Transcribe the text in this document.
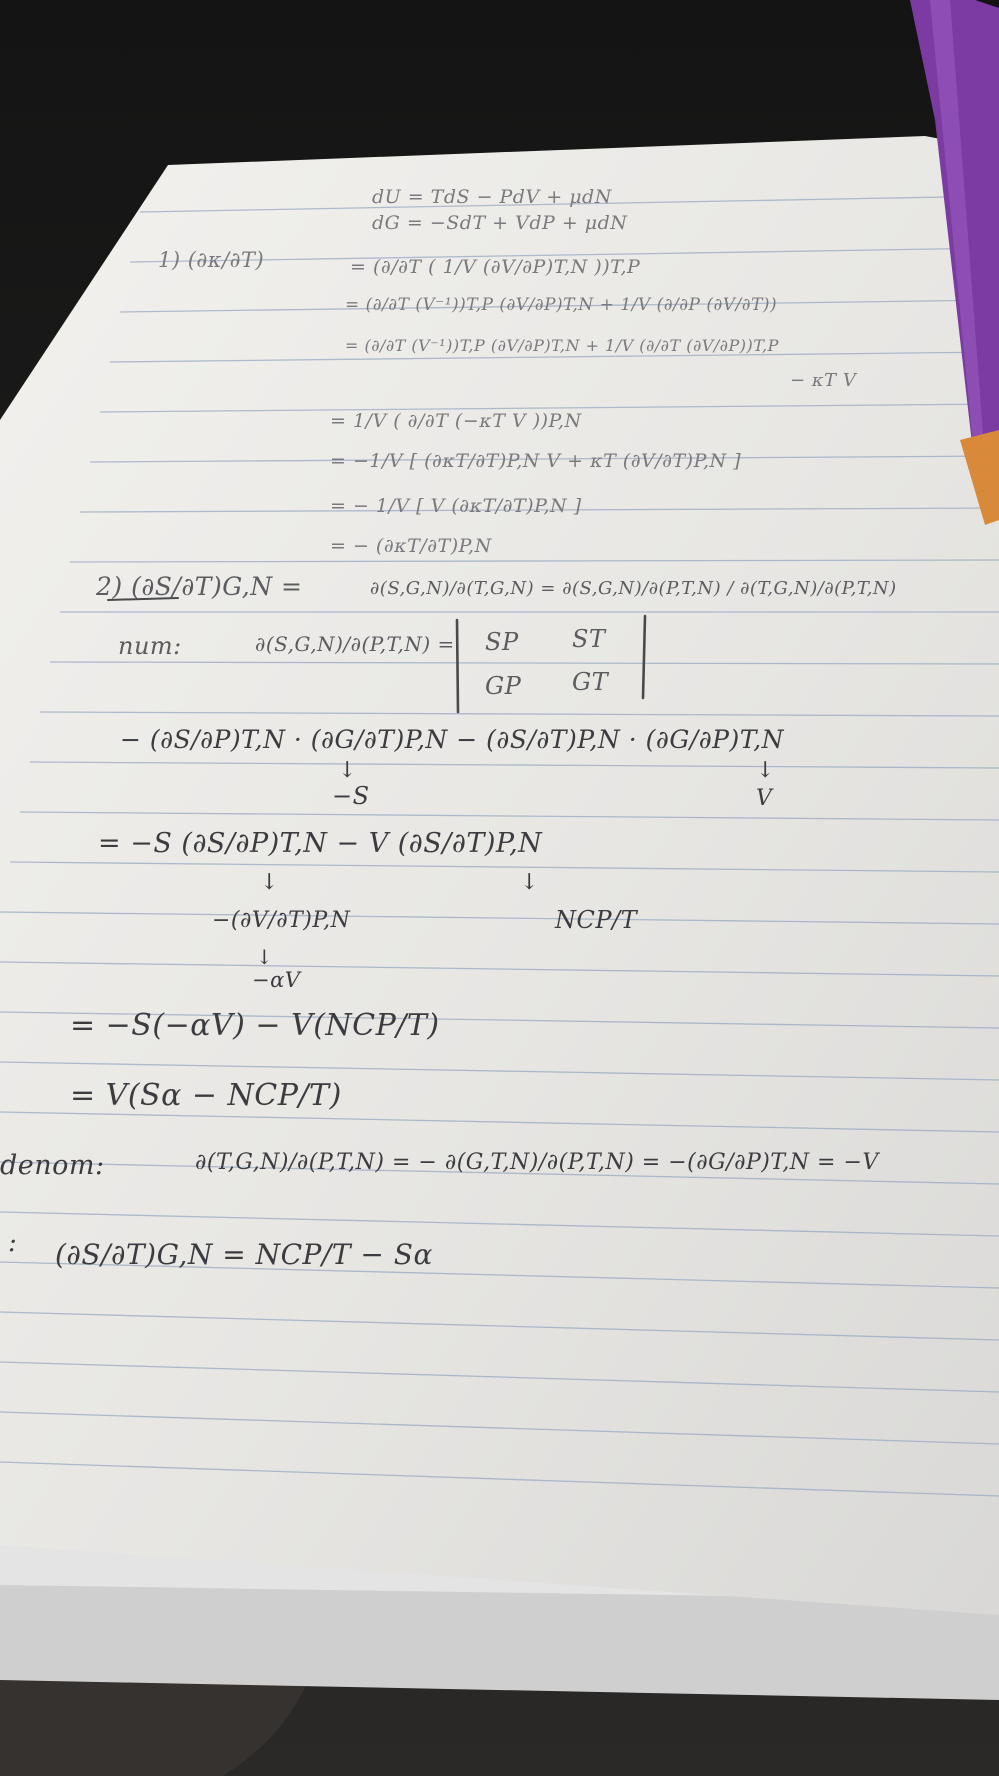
dU = TdS − PdV + μdN
dG = −SdT + VdP + μdN
1) (∂κ/∂T)	= (∂/∂T ( 1/V (∂V/∂P)T,N ))T,P
= (∂/∂T (V⁻¹))T,P (∂V/∂P)T,N + 1/V (∂/∂P (∂V/∂T))
= (∂/∂T (V⁻¹))T,P (∂V/∂P)T,N + 1/V (∂/∂T (∂V/∂P))T,P
− κT V
= 1/V ( ∂/∂T (−κT V ))P,N
= −1/V [ (∂κT/∂T)P,N V + κT (∂V/∂T)P,N ]
= − 1/V [ V (∂κT/∂T)P,N ]
= − (∂κT/∂T)P,N
2) (∂S/∂T)G,N =	∂(S,G,N)/∂(T,G,N) = ∂(S,G,N)/∂(P,T,N) / ∂(T,G,N)/∂(P,T,N)
num:	∂(S,G,N)/∂(P,T,N) = SP ST
GP GT
− (∂S/∂P)T,N · (∂G/∂T)P,N − (∂S/∂T)P,N · (∂G/∂P)T,N
↓
−S
↓
V
= −S (∂S/∂P)T,N − V (∂S/∂T)P,N
↓	↓
−(∂V/∂T)P,N	NCP/T
↓
−αV
= −S(−αV) − V(NCP/T)
= V(Sα − NCP/T)
denom:	∂(T,G,N)/∂(P,T,N) = − ∂(G,T,N)/∂(P,T,N) = −(∂G/∂P)T,N = −V
: (∂S/∂T)G,N = NCP/T − Sα
